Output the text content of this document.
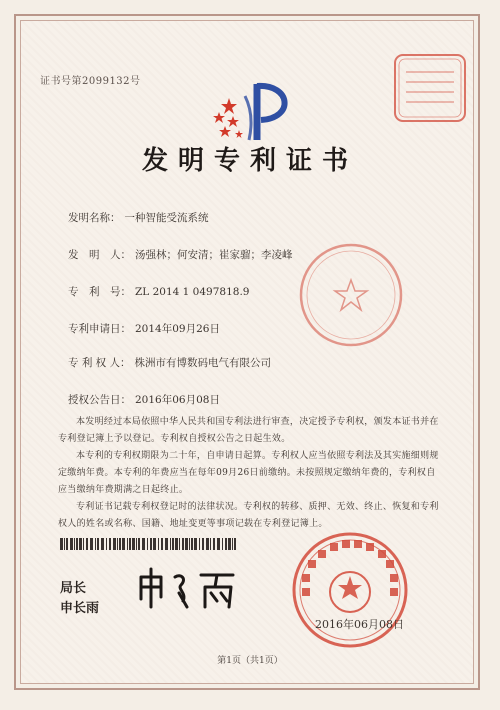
证书号第2099132号
发明专利证书
发明名称： 一种智能受流系统
发　明　人： 汤强林；何安清；崔家骝；李凌峰
专　利　号： ZL 2014 1 0497818.9
专利申请日： 2014年09月26日
专 利 权 人： 株洲市有博数码电气有限公司
授权公告日： 2016年06月08日
本发明经过本局依照中华人民共和国专利法进行审查，决定授予专利权，颁发本证书并在专利登记簿上予以登记。专利权自授权公告之日起生效。
本专利的专利权期限为二十年，自申请日起算。专利权人应当依照专利法及其实施细则规定缴纳年费。本专利的年费应当在每年09月26日前缴纳。未按照规定缴纳年费的，专利权自应当缴纳年费期满之日起终止。
专利证书记载专利权登记时的法律状况。专利权的转移、质押、无效、终止、恢复和专利权人的姓名或名称、国籍、地址变更等事项记载在专利登记簿上。
局长
申长雨
2016年06月08日
第1页（共1页）
